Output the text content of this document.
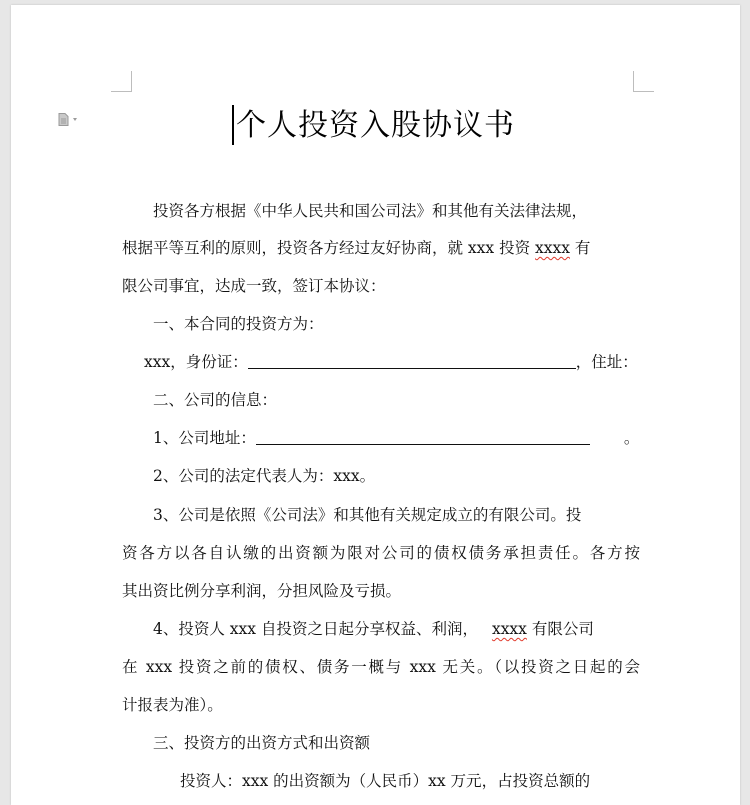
个人投资入股协议书
投资各方根据《中华人民共和国公司法》和其他有关法律法规，
根据平等互利的原则，投资各方经过友好协商，就 xxx 投资 xxxx 有
限公司事宜，达成一致，签订本协议：
一、本合同的投资方为：
xxx，身份证：	，住址：
二、公司的信息：
1、公司地址：	。
2、公司的法定代表人为：xxx。
3、公司是依照《公司法》和其他有关规定成立的有限公司。投
资各方以各自认缴的出资额为限对公司的债权债务承担责任。各方按
其出资比例分享利润，分担风险及亏损。
4、投资人 xxx 自投资之日起分享权益、利润， xxxx 有限公司
在 xxx 投资之前的债权、债务一概与 xxx 无关。（以投资之日起的会
计报表为准）。
三、投资方的出资方式和出资额
投资人：xxx 的出资额为（人民币）xx 万元，占投资总额的
